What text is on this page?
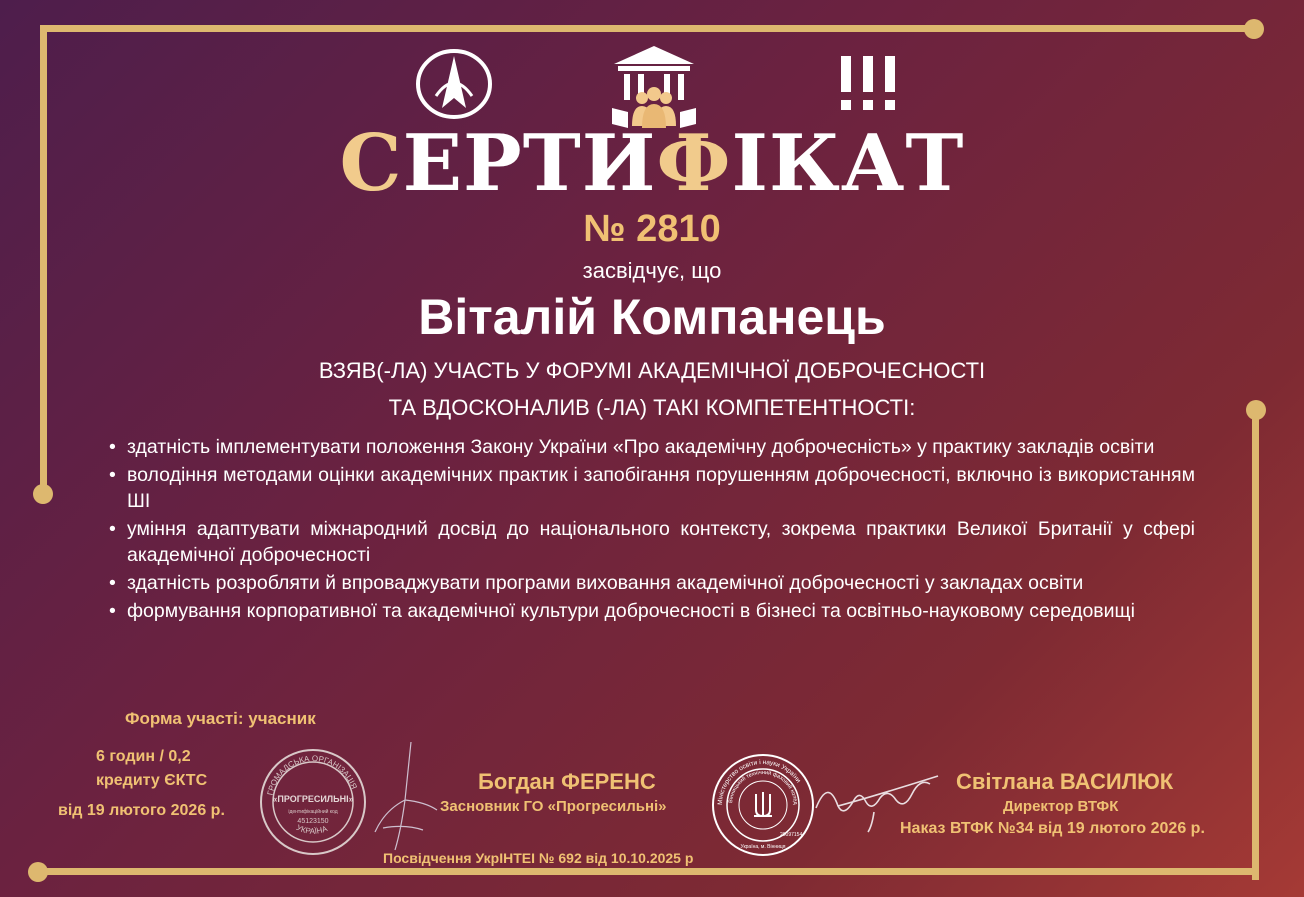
СЕРТИФІКАТ
№ 2810
засвідчує, що
Віталій Компанець
ВЗЯВ(-ЛА) УЧАСТЬ У ФОРУМІ АКАДЕМІЧНОЇ ДОБРОЧЕСНОСТІ
ТА ВДОСКОНАЛИВ (-ЛА) ТАКІ КОМПЕТЕНТНОСТІ:
• здатність імплементувати положення Закону України «Про академічну доброчесність» у практику закладів освіти
• володіння методами оцінки академічних практик і запобігання порушенням доброчесності, включно із використанням ШІ
• уміння адаптувати міжнародний досвід до національного контексту, зокрема практики Великої Британії у сфері академічної доброчесності
• здатність розробляти й впроваджувати програми виховання академічної доброчесності у закладах освіти
• формування корпоративної та академічної культури доброчесності в бізнесі та освітньо-науковому середовищі
Форма участі: учасник
6 годин / 0,2
кредиту ЄКТС
від 19 лютого 2026 р.
ГРОМАДСЬКА ОРГАНІЗАЦІЯ
УКРАЇНА
«ПРОГРЕСИЛЬНІ»
ідентифікаційний код
45123150
Богдан ФЕРЕНС
Засновник ГО «Прогресильні»
Посвідчення УкрІНТЕІ № 692 від 10.10.2025 р
Міністерство освіти і науки України
Вінницький технічний фаховий колед
20097154
Україна, м. Вінниця
Світлана ВАСИЛЮК
Директор ВТФК
Наказ ВТФК №34 від 19 лютого 2026 р.
